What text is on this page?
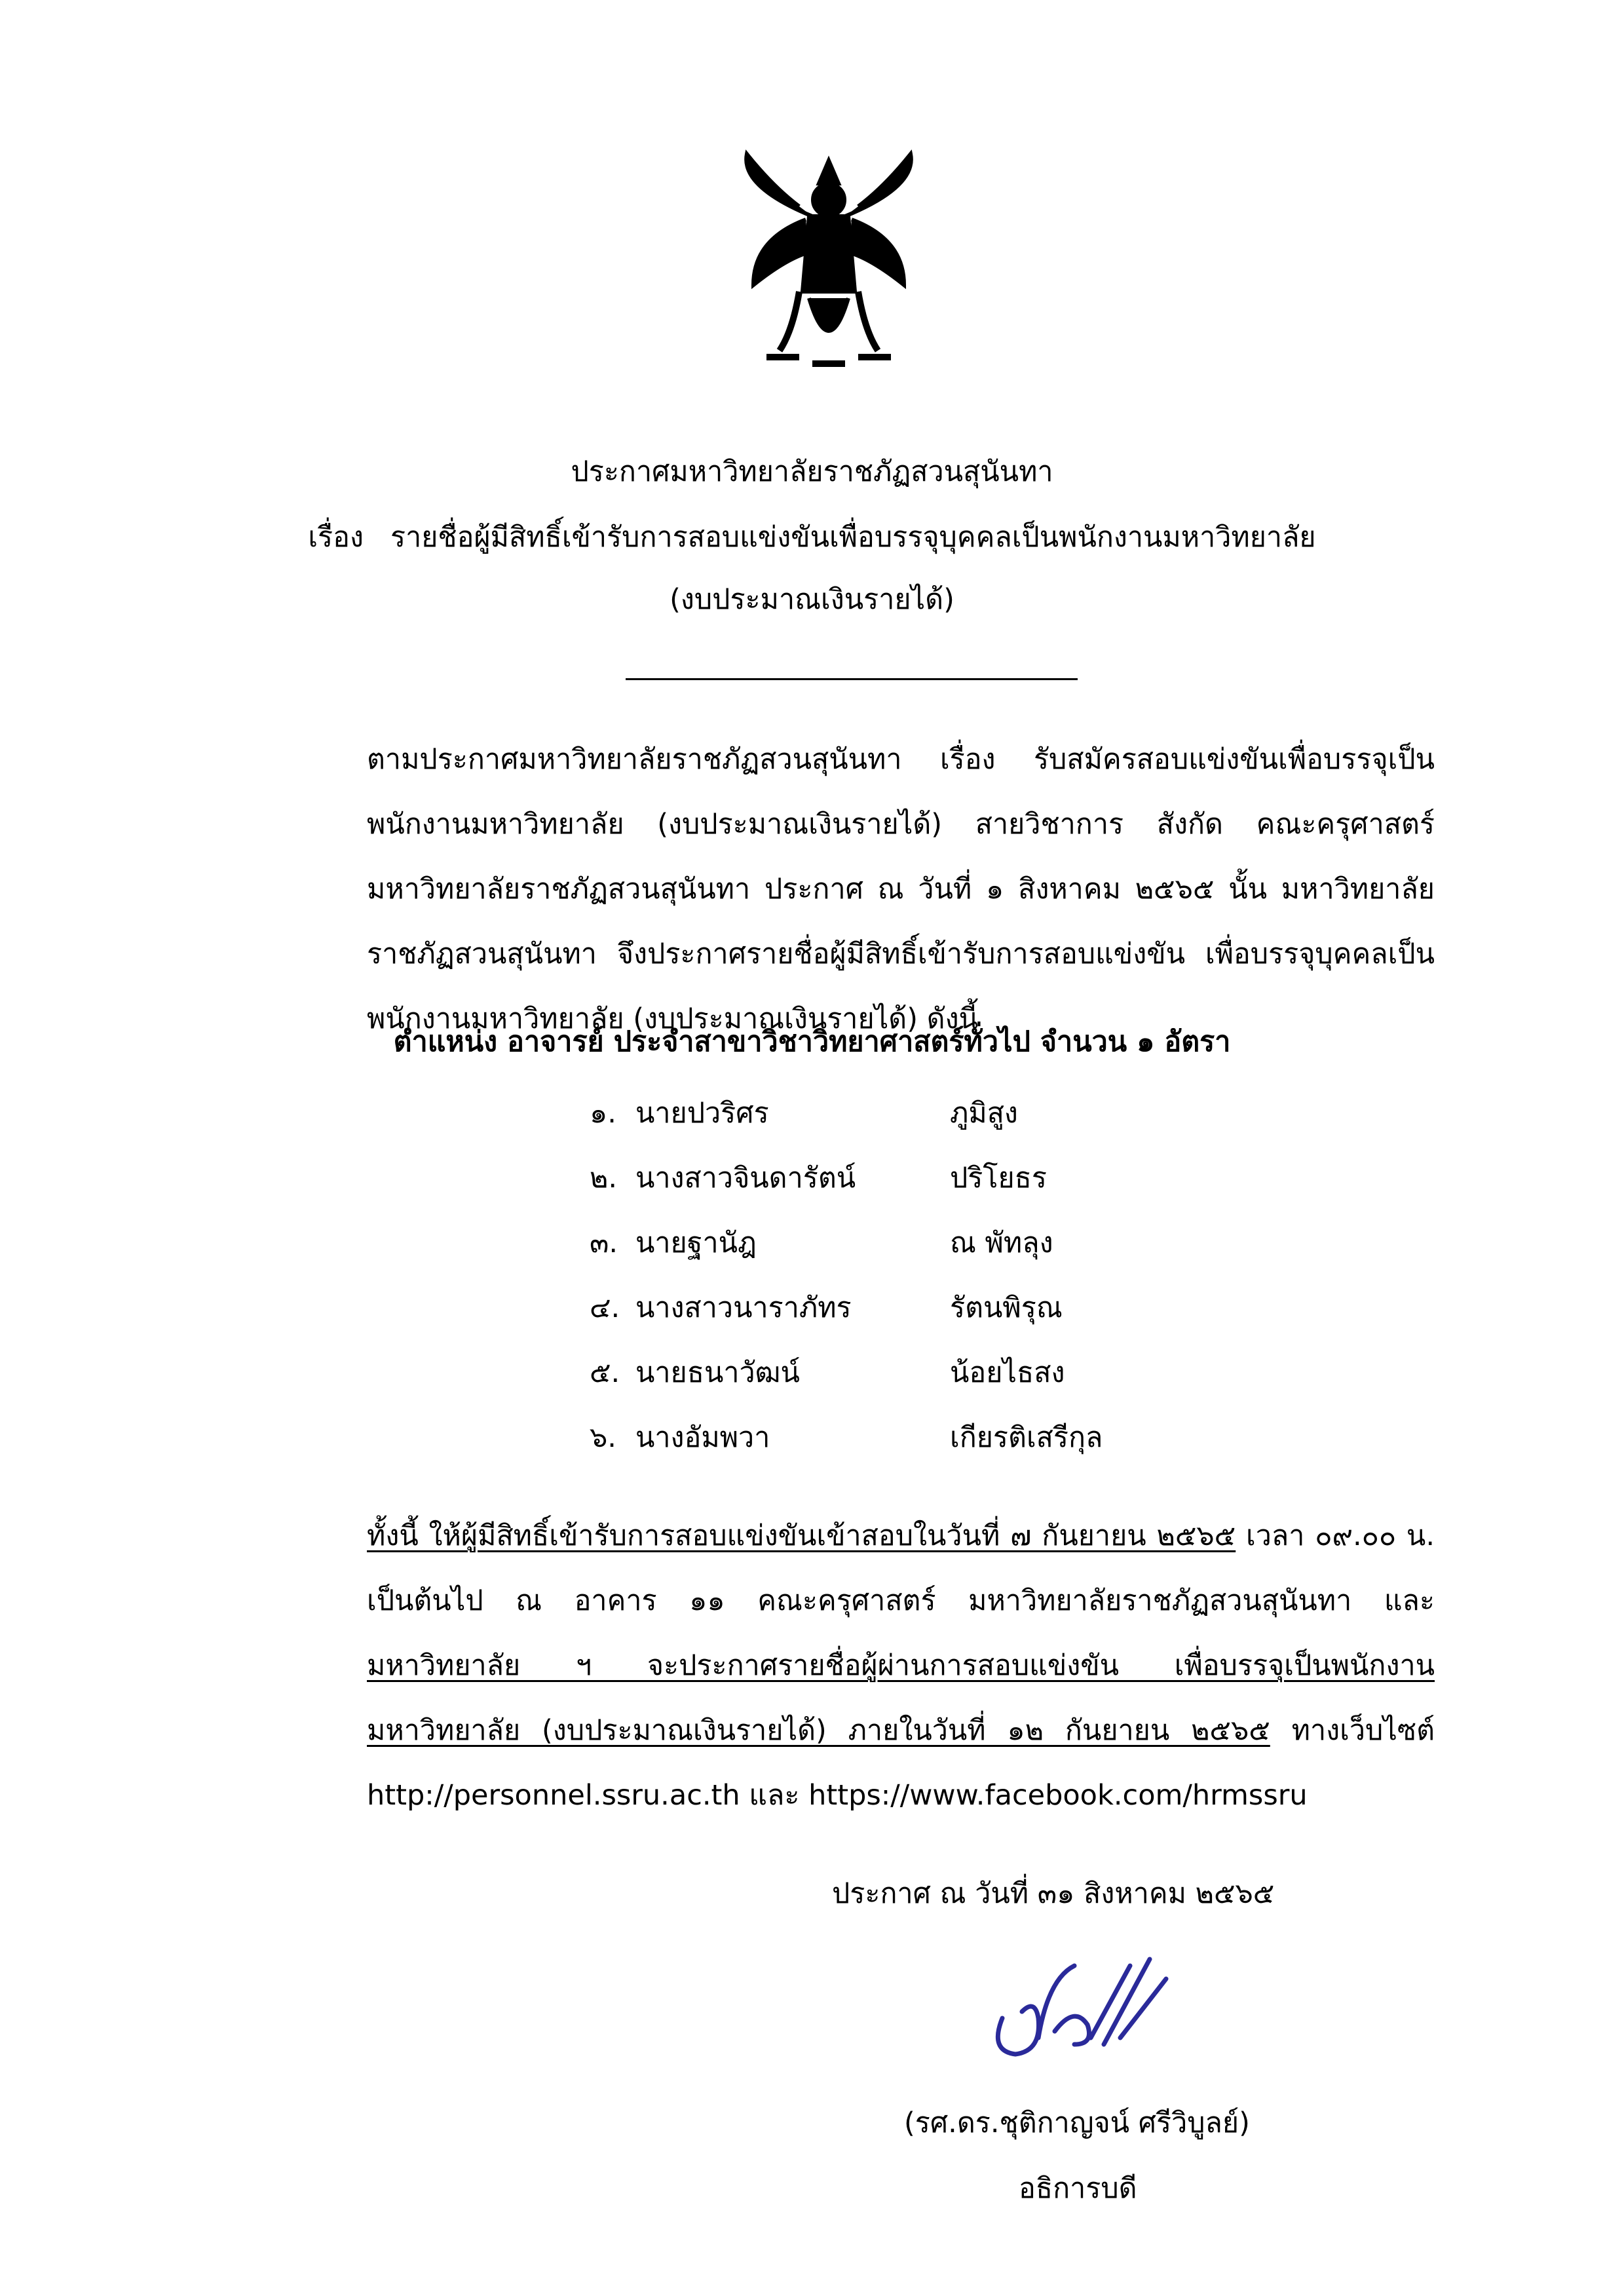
ประกาศมหาวิทยาลัยราชภัฏสวนสุนันทา
เรื่อง รายชื่อผู้มีสิทธิ์เข้ารับการสอบแข่งขันเพื่อบรรจุบุคคลเป็นพนักงานมหาวิทยาลัย
(งบประมาณเงินรายได้)

ตามประกาศมหาวิทยาลัยราชภัฏสวนสุนันทา เรื่อง รับสมัครสอบแข่งขันเพื่อบรรจุเป็นพนักงานมหาวิทยาลัย (งบประมาณเงินรายได้) สายวิชาการ สังกัด คณะครุศาสตร์ มหาวิทยาลัยราชภัฏสวนสุนันทา ประกาศ ณ วันที่ ๑ สิงหาคม ๒๕๖๕ นั้น มหาวิทยาลัยราชภัฏสวนสุนันทา จึงประกาศรายชื่อผู้มีสิทธิ์เข้ารับการสอบแข่งขัน เพื่อบรรจุบุคคลเป็นพนักงานมหาวิทยาลัย (งบประมาณเงินรายได้) ดังนี้

ตำแหน่ง อาจารย์ ประจำสาขาวิชาวิทยาศาสตร์ทั่วไป จำนวน ๑ อัตรา
๑. นายปวริศร	ภูมิสูง
๒. นางสาวจินดารัตน์	ปริโยธร
๓. นายฐานัฎ	ณ พัทลุง
๔. นางสาวนาราภัทร	รัตนพิรุณ
๕. นายธนาวัฒน์	น้อยไธสง
๖. นางอัมพวา	เกียรติเสรีกุล

ทั้งนี้ ให้ผู้มีสิทธิ์เข้ารับการสอบแข่งขันเข้าสอบในวันที่ ๗ กันยายน ๒๕๖๕ เวลา ๐๙.๐๐ น. เป็นต้นไป ณ อาคาร ๑๑ คณะครุศาสตร์ มหาวิทยาลัยราชภัฏสวนสุนันทา และมหาวิทยาลัย ฯ จะประกาศรายชื่อผู้ผ่านการสอบแข่งขัน เพื่อบรรจุเป็นพนักงานมหาวิทยาลัย (งบประมาณเงินรายได้) ภายในวันที่ ๑๒ กันยายน ๒๕๖๕ ทางเว็บไซต์ http://personnel.ssru.ac.th และ https://www.facebook.com/hrmssru

ประกาศ ณ วันที่ ๓๑ สิงหาคม ๒๕๖๕
(รศ.ดร.ชุติกาญจน์ ศรีวิบูลย์)
อธิการบดี
